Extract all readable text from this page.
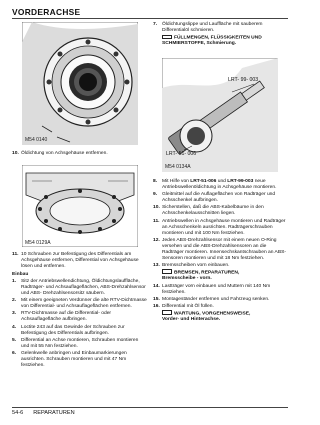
VORDERACHSE
M54 0140
10. Öldichtung von Achsgehäuse entfernen.
M54 0129A
11. 10 Schrauben zur Befestigung des Differentials am Achsgehäuse entfernen, Differential von Achsgehäuse lösen und entfernen.
Einbau
1. Sitz der Antriebswellendichtung, Öldichtungslauffläche, Radträger- und Achsauflageflächen, ABS-Drehzahlsensor und ABS- Drehzahlsensorsitz säubern.
2. Mit einem geeigneten Verdünner die alte RTV-Dichtmasse von Differential- und Achsauflageflächen entfernen.
3. RTV-Dichtmasse auf die Differential- oder Achsauflagefläche aufbringen.
4. Loctite 243 auf das Gewinde der Schrauben zur Befestigung des Differentials aufbringen.
5. Differential an Achse montieren, Schrauben montieren und mit 55 Nm festziehen.
6. Gelenkwelle anbringen und Einbaumarkierungen ausrichten. Schrauben montieren und mit 47 Nm festziehen.
7. Öldichtungslippe und Lauffläche mit sauberem Differentialöl schmieren.
FÜLLMENGEN, FLÜSSIGKEITEN UND
SCHMIERSTOFFE, Schmierung.
LRT- 99- 003
LRT- 51- 006
M54 0134A
8. Mit Hilfe von LRT-51-006 und LRT-99-003 neue Antriebswellenöldichtung in Achsgehäuse montieren.
9. Gleitmittel auf die Auflageflächen von Radträger und Achsschenkel aufbringen.
10. Sicherstellen, daß die ABS-Kabelbäume in den Achsschenkelausschnitten liegen.
11. Antriebswellen in Achsgehäuse montieren und Radträger an Achsschenkeln ausrichten. Radträgerschrauben montieren und mit 100 Nm festziehen.
12. Jeden ABS-Drehzahlsensor mit einem neuen O-Ring versehen und die ABS-Drehzahlsensoren an die Radträger montieren. Innensechskantschrauben an ABS-Sensoren montieren und mit 18 Nm festziehen.
13. Bremsscheiben vorn einbauen.
BREMSEN, REPARATUREN,
Bremsscheibe - vorn.
14. Lastträger vorn einbauen und Muttern mit 140 Nm festziehen.
15. Montageständer entfernen und Fahrzeug senken.
16. Differential mit Öl füllen.
WARTUNG, VORGEHENSWEISE,
Vorder- und Hinterachse.
54-6 REPARATUREN
